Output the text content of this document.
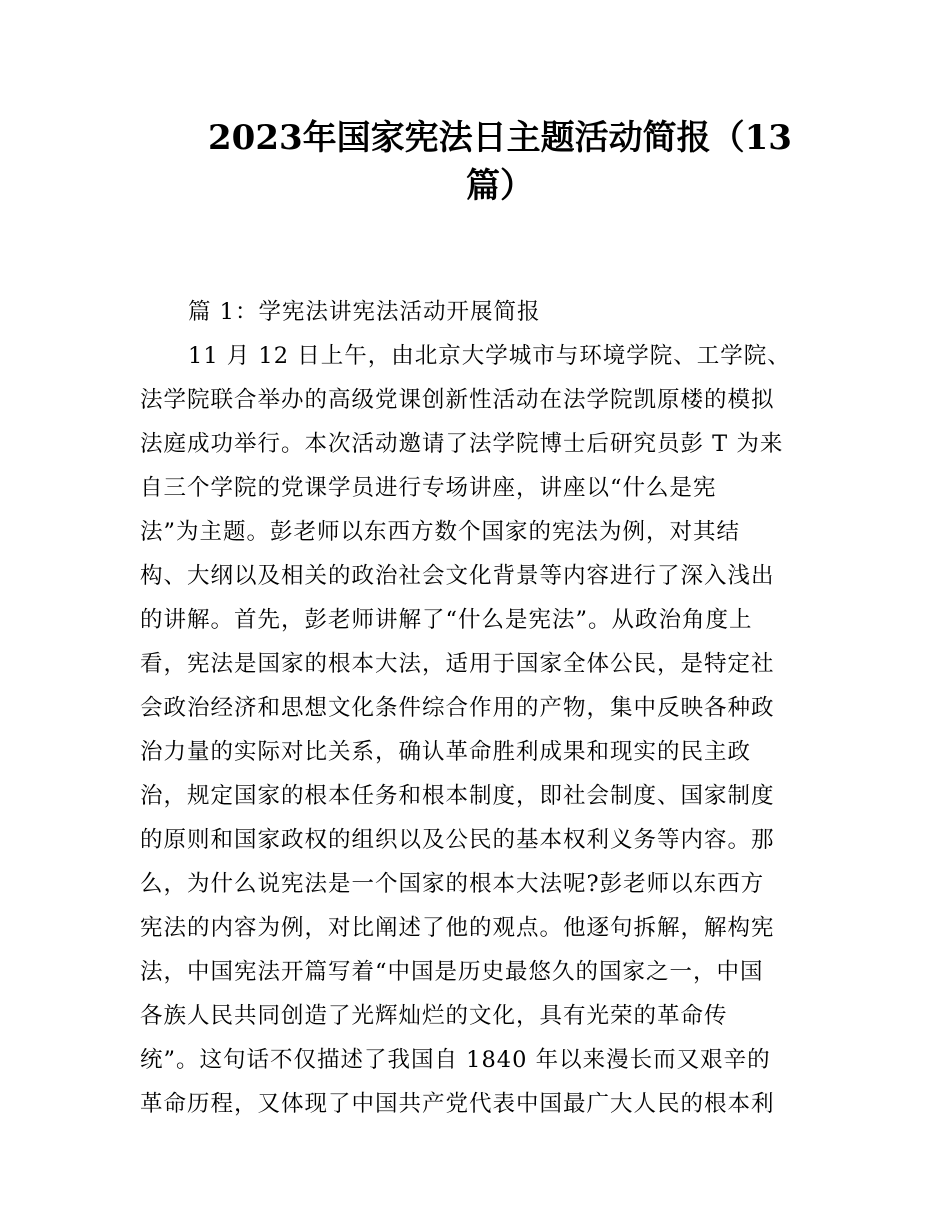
2023年国家宪法日主题活动简报（13
篇）
篇 1：学宪法讲宪法活动开展简报
11 月 12 日上午，由北京大学城市与环境学院、工学院、
法学院联合举办的高级党课创新性活动在法学院凯原楼的模拟
法庭成功举行。本次活动邀请了法学院博士后研究员彭 T 为来
自三个学院的党课学员进行专场讲座，讲座以“什么是宪
法”为主题。彭老师以东西方数个国家的宪法为例，对其结
构、大纲以及相关的政治社会文化背景等内容进行了深入浅出
的讲解。首先，彭老师讲解了“什么是宪法”。从政治角度上
看，宪法是国家的根本大法，适用于国家全体公民，是特定社
会政治经济和思想文化条件综合作用的产物，集中反映各种政
治力量的实际对比关系，确认革命胜利成果和现实的民主政
治，规定国家的根本任务和根本制度，即社会制度、国家制度
的原则和国家政权的组织以及公民的基本权利义务等内容。那
么，为什么说宪法是一个国家的根本大法呢?彭老师以东西方
宪法的内容为例，对比阐述了他的观点。他逐句拆解，解构宪
法，中国宪法开篇写着“中国是历史最悠久的国家之一，中国
各族人民共同创造了光辉灿烂的文化，具有光荣的革命传
统”。这句话不仅描述了我国自 1840 年以来漫长而又艰辛的
革命历程，又体现了中国共产党代表中国最广大人民的根本利
